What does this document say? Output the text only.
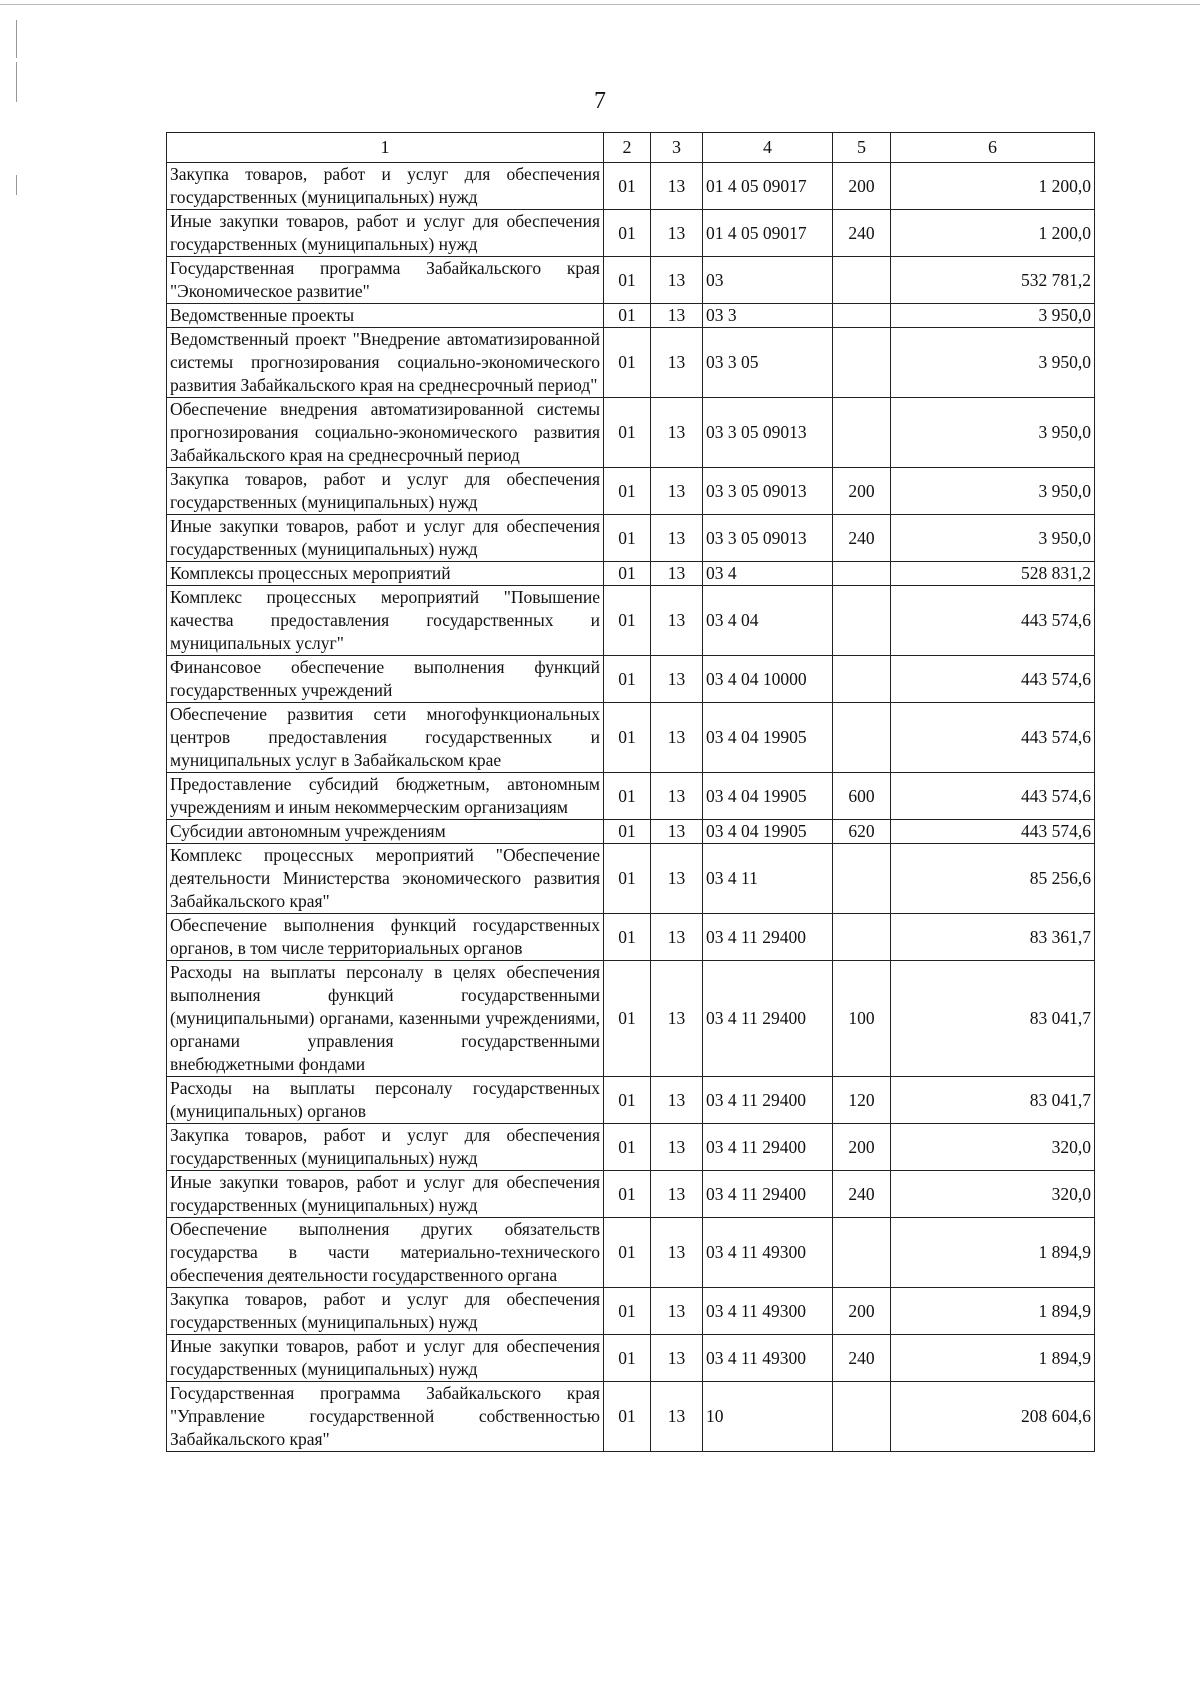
7
1	2	3	4	5	6
Закупка товаров, работ и услуг для обеспечения государственных (муниципальных) нужд	01	13	01 4 05 09017	200	1 200,0
Иные закупки товаров, работ и услуг для обеспечения государственных (муниципальных) нужд	01	13	01 4 05 09017	240	1 200,0
Государственная программа Забайкальского края "Экономическое развитие"	01	13	03		532 781,2
Ведомственные проекты	01	13	03 3		3 950,0
Ведомственный проект "Внедрение автоматизированной системы прогнозирования социально-экономического развития Забайкальского края на среднесрочный период"	01	13	03 3 05		3 950,0
Обеспечение внедрения автоматизированной системы прогнозирования социально-экономического развития Забайкальского края на среднесрочный период	01	13	03 3 05 09013		3 950,0
Закупка товаров, работ и услуг для обеспечения государственных (муниципальных) нужд	01	13	03 3 05 09013	200	3 950,0
Иные закупки товаров, работ и услуг для обеспечения государственных (муниципальных) нужд	01	13	03 3 05 09013	240	3 950,0
Комплексы процессных мероприятий	01	13	03 4		528 831,2
Комплекс процессных мероприятий "Повышение качества предоставления государственных и муниципальных услуг"	01	13	03 4 04		443 574,6
Финансовое обеспечение выполнения функций государственных учреждений	01	13	03 4 04 10000		443 574,6
Обеспечение развития сети многофункциональных центров предоставления государственных и муниципальных услуг в Забайкальском крае	01	13	03 4 04 19905		443 574,6
Предоставление субсидий бюджетным, автономным учреждениям и иным некоммерческим организациям	01	13	03 4 04 19905	600	443 574,6
Субсидии автономным учреждениям	01	13	03 4 04 19905	620	443 574,6
Комплекс процессных мероприятий "Обеспечение деятельности Министерства экономического развития Забайкальского края"	01	13	03 4 11		85 256,6
Обеспечение выполнения функций государственных органов, в том числе территориальных органов	01	13	03 4 11 29400		83 361,7
Расходы на выплаты персоналу в целях обеспечения выполнения функций государственными (муниципальными) органами, казенными учреждениями, органами управления государственными внебюджетными фондами	01	13	03 4 11 29400	100	83 041,7
Расходы на выплаты персоналу государственных (муниципальных) органов	01	13	03 4 11 29400	120	83 041,7
Закупка товаров, работ и услуг для обеспечения государственных (муниципальных) нужд	01	13	03 4 11 29400	200	320,0
Иные закупки товаров, работ и услуг для обеспечения государственных (муниципальных) нужд	01	13	03 4 11 29400	240	320,0
Обеспечение выполнения других обязательств государства в части материально-технического обеспечения деятельности государственного органа	01	13	03 4 11 49300		1 894,9
Закупка товаров, работ и услуг для обеспечения государственных (муниципальных) нужд	01	13	03 4 11 49300	200	1 894,9
Иные закупки товаров, работ и услуг для обеспечения государственных (муниципальных) нужд	01	13	03 4 11 49300	240	1 894,9
Государственная программа Забайкальского края "Управление государственной собственностью Забайкальского края"	01	13	10		208 604,6
